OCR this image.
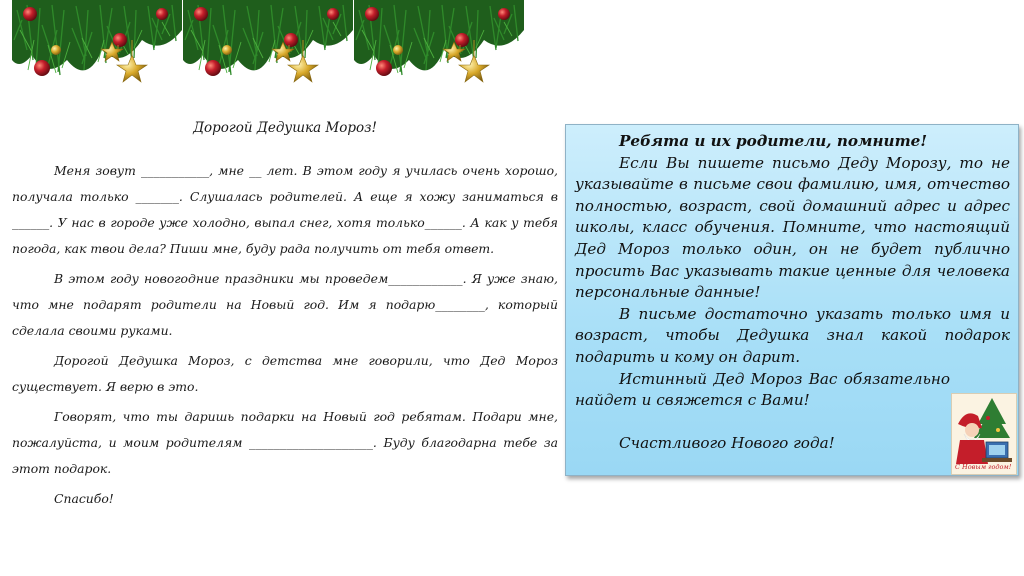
Дорогой Дедушка Мороз!

Меня зовут ___________, мне __ лет. В этом году я училась очень хорошо, получала только _______. Слушалась родителей. А еще я хожу заниматься в ______. У нас в городе уже холодно, выпал снег, хотя только______. А как у тебя погода, как твои дела? Пиши мне, буду рада получить от тебя ответ.

В этом году новогодние праздники мы проведем____________. Я уже знаю, что мне подарят родители на Новый год. Им я подарю________, который сделала своими руками.

Дорогой Дедушка Мороз, с детства мне говорили, что Дед Мороз существует. Я верю в это.

Говорят, что ты даришь подарки на Новый год ребятам. Подари мне, пожалуйста, и моим родителям ____________________. Буду благодарна тебе за этот подарок.

Спасибо!

Ребята и их родители, помните!

Если Вы пишете письмо Деду Морозу, то не указывайте в письме свои фамилию, имя, отчество полностью, возраст, свой домашний адрес и адрес школы, класс обучения. Помните, что настоящий Дед Мороз только один, он не будет публично просить Вас указывать такие ценные для человека персональные данные!

В письме достаточно указать только имя и возраст, чтобы Дедушка знал какой подарок подарить и кому он дарит.

Истинный Дед Мороз Вас обязательно найдет и свяжется с Вами!

Счастливого Нового года!

С Новым годом!
